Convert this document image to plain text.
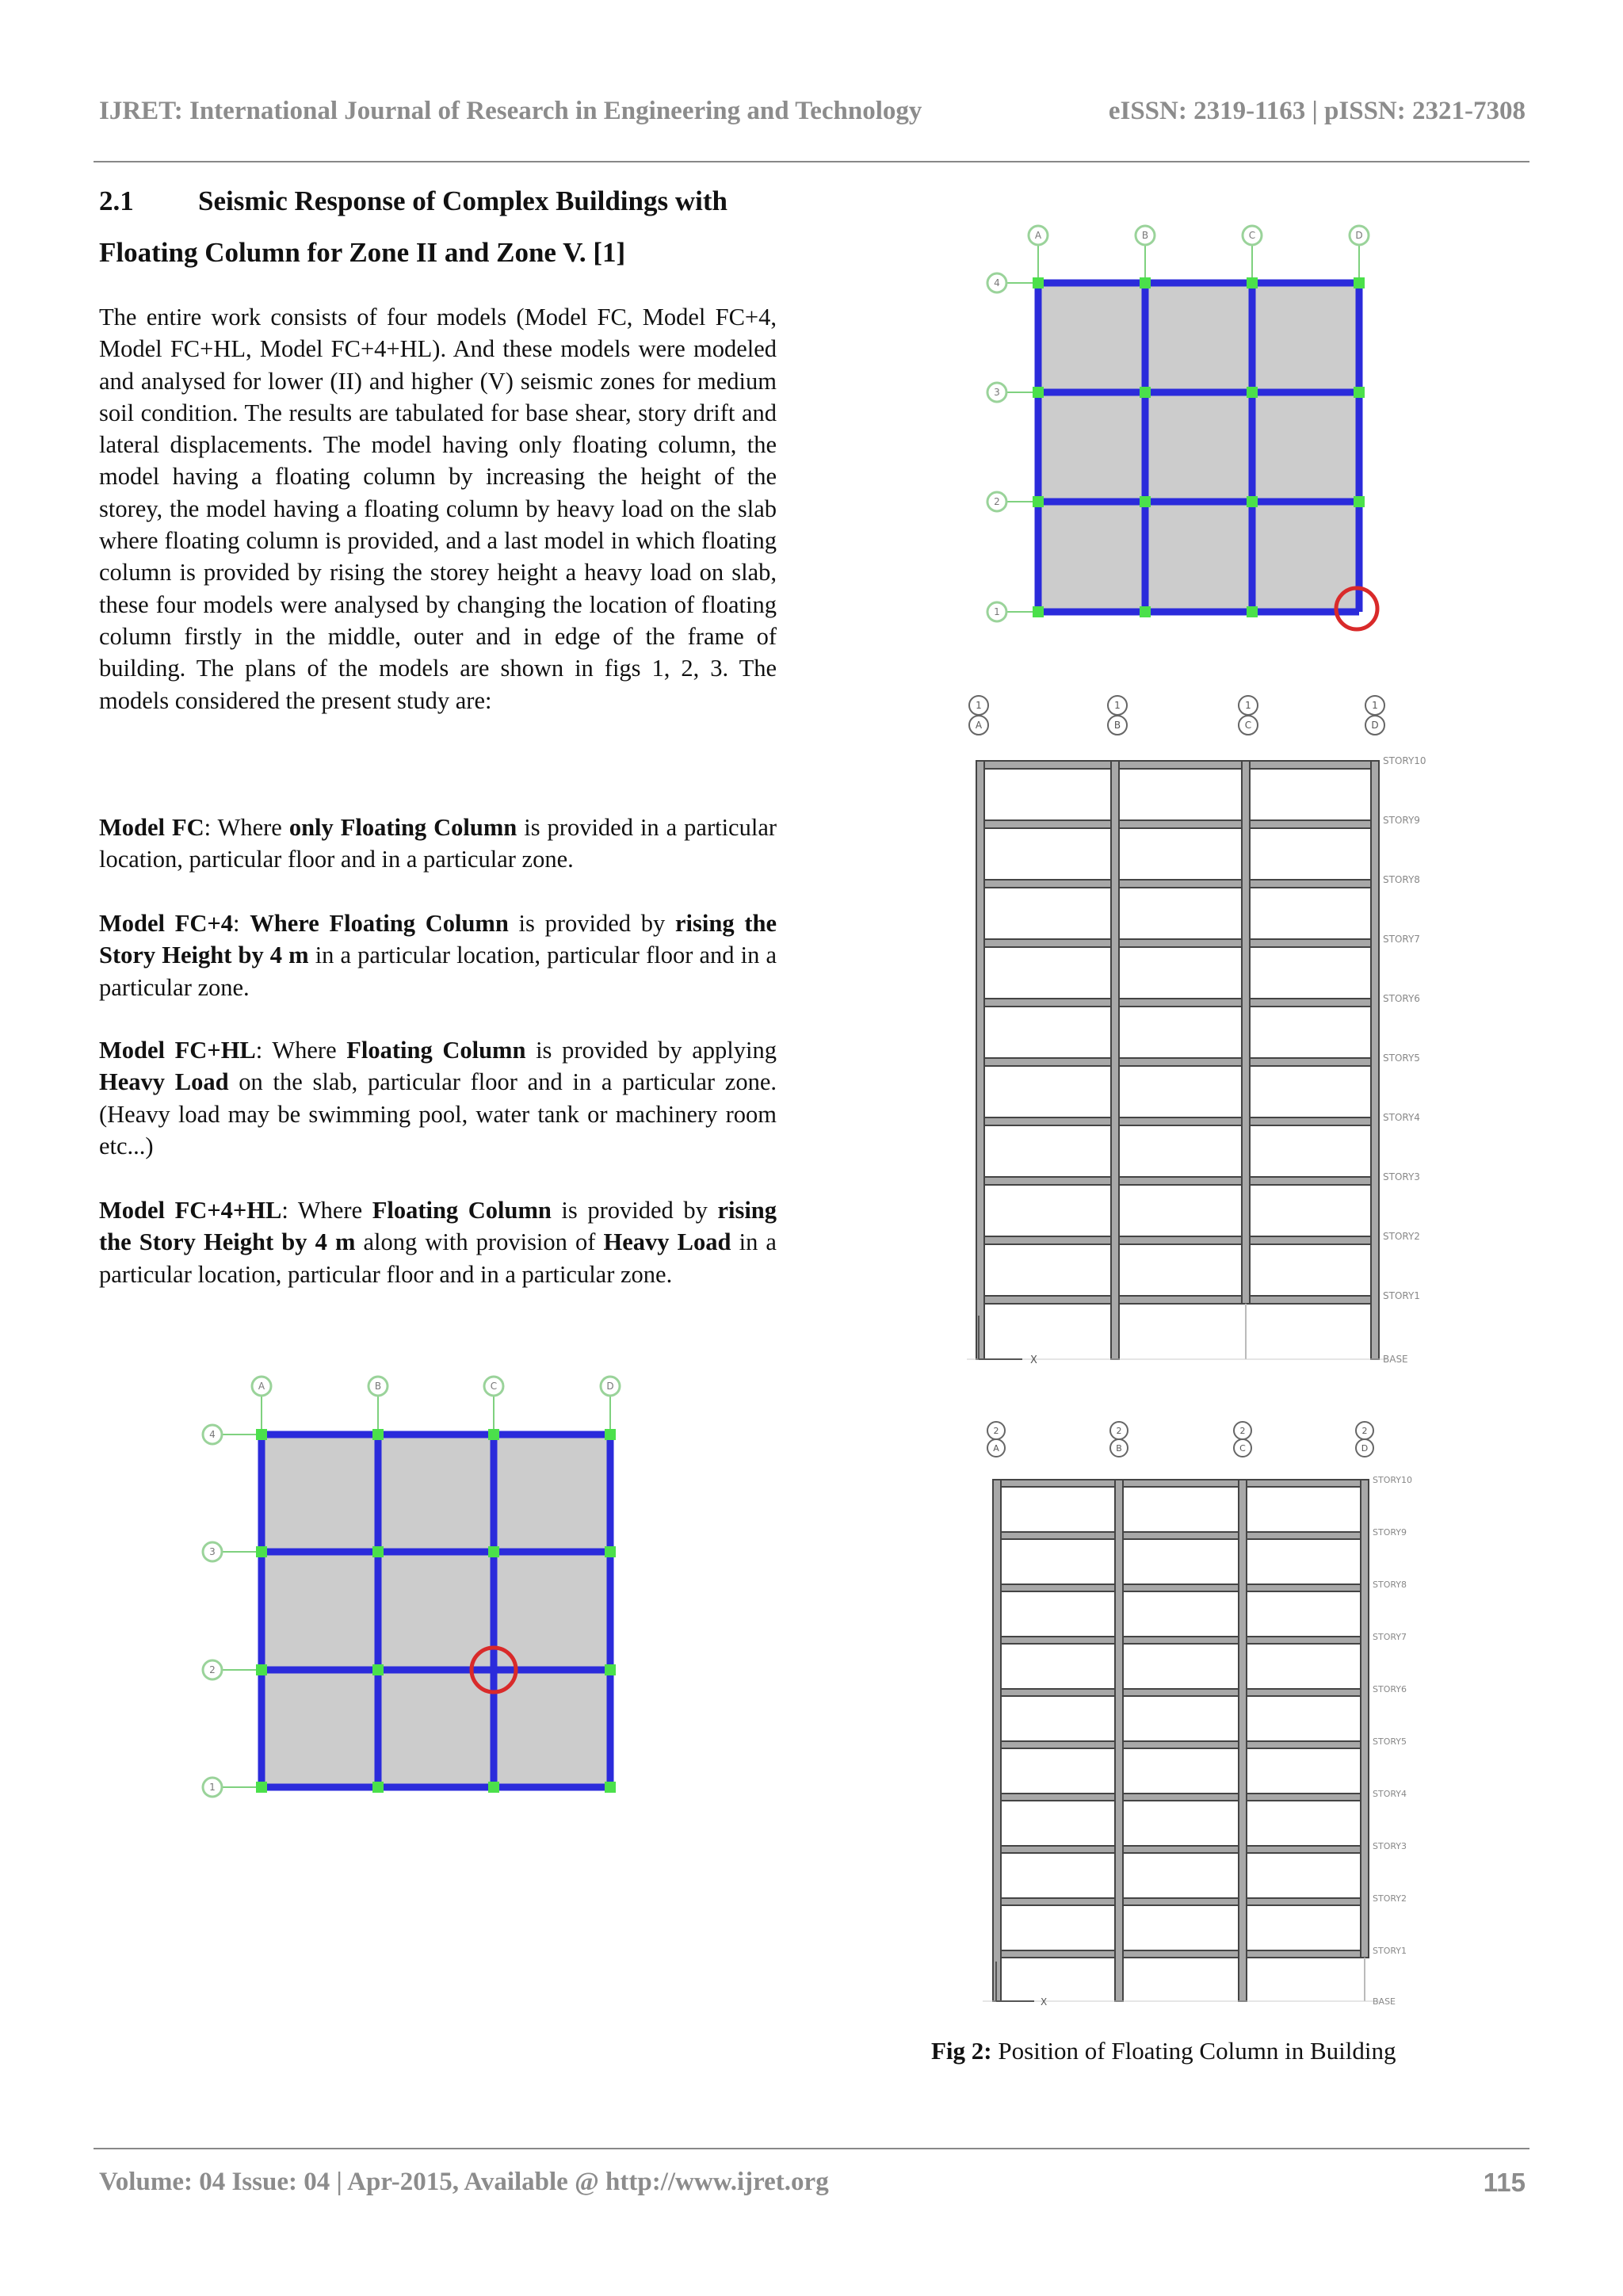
IJRET: International Journal of Research in Engineering and Technology	eISSN: 2319-1163 | pISSN: 2321-7308
2.1 Seismic Response of Complex Buildings with
Floating Column for Zone II and Zone V. [1]
The entire work consists of four models (Model FC, Model FC+4, Model FC+HL, Model FC+4+HL). And these models were modeled and analysed for lower (II) and higher (V) seismic zones for medium soil condition. The results are tabulated for base shear, story drift and lateral displacements. The model having only floating column, the model having a floating column by increasing the height of the storey, the model having a floating column by heavy load on the slab where floating column is provided, and a last model in which floating column is provided by rising the storey height a heavy load on slab, these four models were analysed by changing the location of floating column firstly in the middle, outer and in edge of the frame of building. The plans of the models are shown in figs 1, 2, 3. The models considered the present study are:
Model FC: Where only Floating Column is provided in a particular location, particular floor and in a particular zone.
Model FC+4: Where Floating Column is provided by rising the Story Height by 4 m in a particular location, particular floor and in a particular zone.
Model FC+HL: Where Floating Column is provided by applying Heavy Load on the slab, particular floor and in a particular zone. (Heavy load may be swimming pool, water tank or machinery room etc...)
Model FC+4+HL: Where Floating Column is provided by rising the Story Height by 4 m along with provision of Heavy Load in a particular location, particular floor and in a particular zone.
A	B	C	D
4
3
2
1
1	1	1	1
A	B	C	D
X
STORY10
STORY9
STORY8
STORY7
STORY6
STORY5
STORY4
STORY3
STORY2
STORY1
BASE
2	2	2	2
A	B	C	D
X
STORY10
STORY9
STORY8
STORY7
STORY6
STORY5
STORY4
STORY3
STORY2
STORY1
BASE
A	B	C	D
4
3
2
1
Fig 2: Position of Floating Column in Building
Volume: 04 Issue: 04 | Apr-2015, Available @ http://www.ijret.org	115
